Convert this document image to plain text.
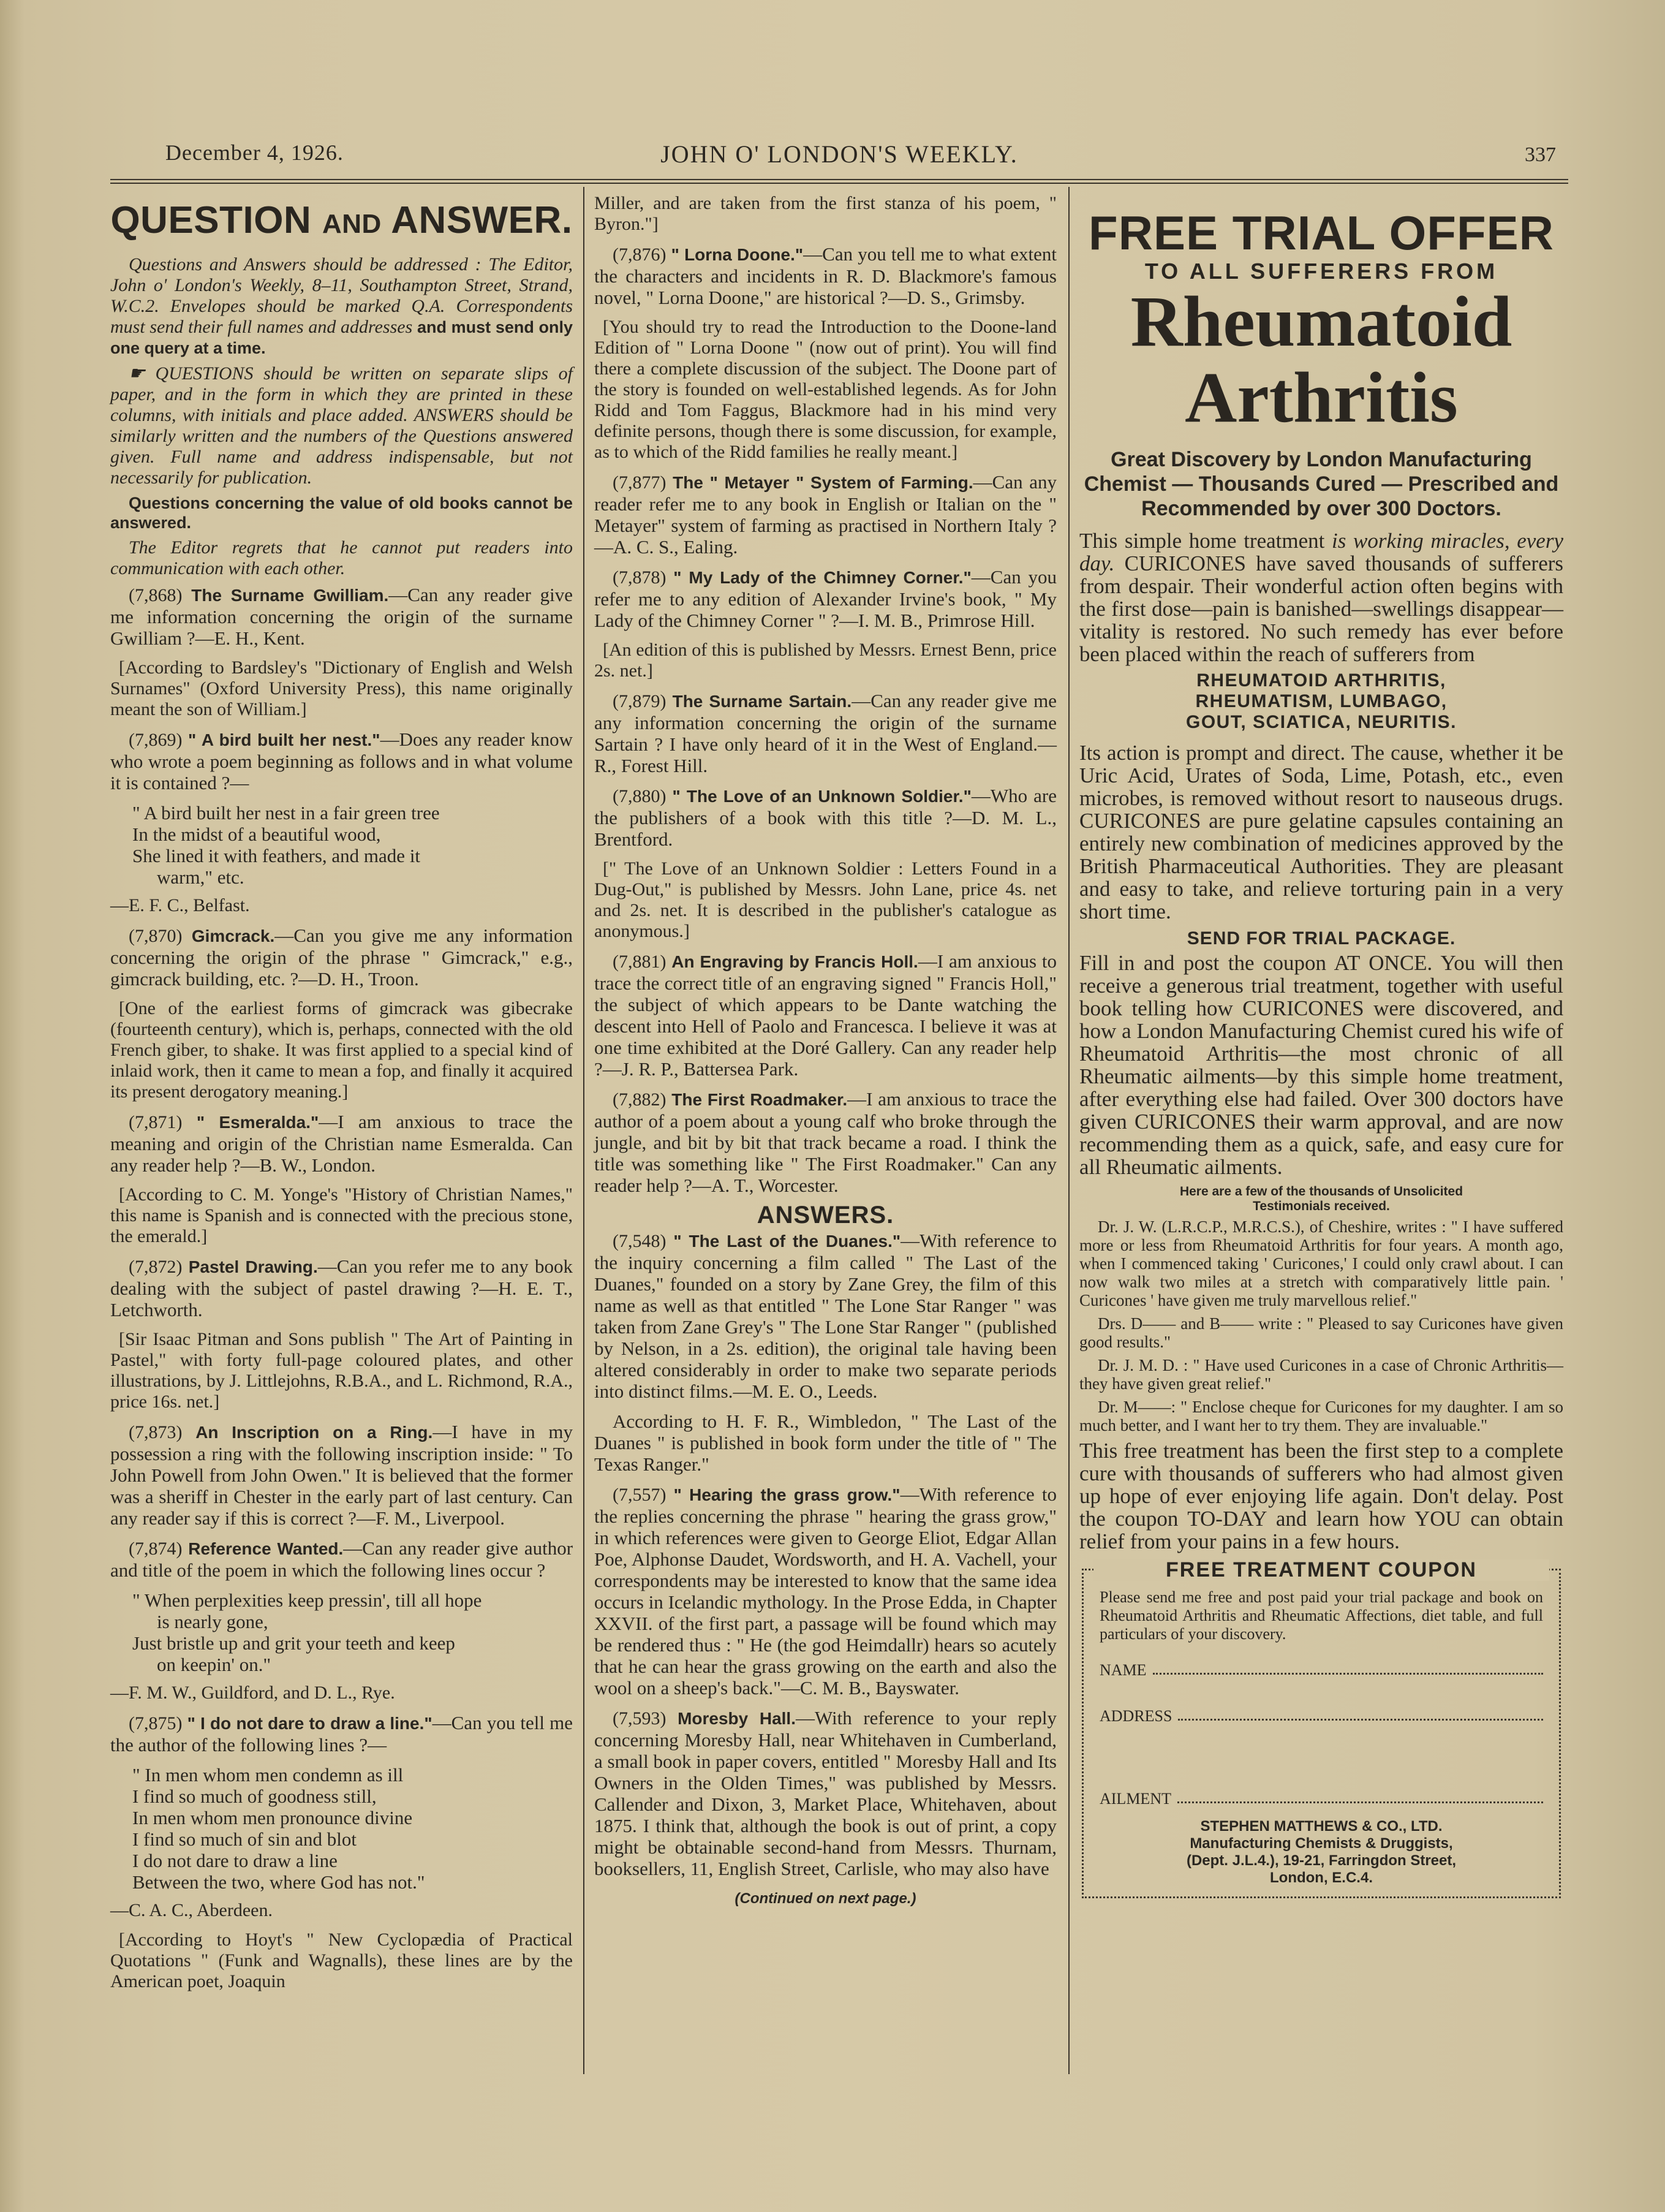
December 4, 1926.	JOHN O' LONDON'S WEEKLY.	337
QUESTION AND ANSWER.

Questions and Answers should be addressed : The Editor, John o' London's Weekly, 8–11, Southampton Street, Strand, W.C.2. Envelopes should be marked Q.A. Correspondents must send their full names and addresses and must send only one query at a time.

☛ QUESTIONS should be written on separate slips of paper, and in the form in which they are printed in these columns, with initials and place added. ANSWERS should be similarly written and the numbers of the Questions answered given. Full name and address indispensable, but not necessarily for publication.

Questions concerning the value of old books cannot be answered.

The Editor regrets that he cannot put readers into communication with each other.

(7,868) The Surname Gwilliam.—Can any reader give me information concerning the origin of the surname Gwilliam ?—E. H., Kent.

[According to Bardsley's "Dictionary of English and Welsh Surnames" (Oxford University Press), this name originally meant the son of William.]

(7,869) " A bird built her nest."—Does any reader know who wrote a poem beginning as follows and in what volume it is contained ?—

" A bird built her nest in a fair green tree
In the midst of a beautiful wood,
She lined it with feathers, and made it
warm," etc.

—E. F. C., Belfast.

(7,870) Gimcrack.—Can you give me any information concerning the origin of the phrase " Gimcrack," e.g., gimcrack building, etc. ?—D. H., Troon.

[One of the earliest forms of gimcrack was gibecrake (fourteenth century), which is, perhaps, connected with the old French giber, to shake. It was first applied to a special kind of inlaid work, then it came to mean a fop, and finally it acquired its present derogatory meaning.]

(7,871) " Esmeralda."—I am anxious to trace the meaning and origin of the Christian name Esmeralda. Can any reader help ?—B. W., London.

[According to C. M. Yonge's "History of Christian Names," this name is Spanish and is connected with the precious stone, the emerald.]

(7,872) Pastel Drawing.—Can you refer me to any book dealing with the subject of pastel drawing ?—H. E. T., Letchworth.

[Sir Isaac Pitman and Sons publish " The Art of Painting in Pastel," with forty full-page coloured plates, and other illustrations, by J. Littlejohns, R.B.A., and L. Richmond, R.A., price 16s. net.]

(7,873) An Inscription on a Ring.—I have in my possession a ring with the following inscription inside: " To John Powell from John Owen." It is believed that the former was a sheriff in Chester in the early part of last century. Can any reader say if this is correct ?—F. M., Liverpool.

(7,874) Reference Wanted.—Can any reader give author and title of the poem in which the following lines occur ?

" When perplexities keep pressin', till all hope
is nearly gone,
Just bristle up and grit your teeth and keep
on keepin' on."

—F. M. W., Guildford, and D. L., Rye.

(7,875) " I do not dare to draw a line."—Can you tell me the author of the following lines ?—

" In men whom men condemn as ill
I find so much of goodness still,
In men whom men pronounce divine
I find so much of sin and blot
I do not dare to draw a line
Between the two, where God has not."

—C. A. C., Aberdeen.

[According to Hoyt's " New Cyclopædia of Practical Quotations " (Funk and Wagnalls), these lines are by the American poet, Joaquin

Miller, and are taken from the first stanza of his poem, " Byron."]

(7,876) " Lorna Doone."—Can you tell me to what extent the characters and incidents in R. D. Blackmore's famous novel, " Lorna Doone," are historical ?—D. S., Grimsby.

[You should try to read the Introduction to the Doone-land Edition of " Lorna Doone " (now out of print). You will find there a complete discussion of the subject. The Doone part of the story is founded on well-established legends. As for John Ridd and Tom Faggus, Blackmore had in his mind very definite persons, though there is some discussion, for example, as to which of the Ridd families he really meant.]

(7,877) The " Metayer " System of Farming.—Can any reader refer me to any book in English or Italian on the " Metayer" system of farming as practised in Northern Italy ?—A. C. S., Ealing.

(7,878) " My Lady of the Chimney Corner."—Can you refer me to any edition of Alexander Irvine's book, " My Lady of the Chimney Corner " ?—I. M. B., Primrose Hill.

[An edition of this is published by Messrs. Ernest Benn, price 2s. net.]

(7,879) The Surname Sartain.—Can any reader give me any information concerning the origin of the surname Sartain ? I have only heard of it in the West of England.—R., Forest Hill.

(7,880) " The Love of an Unknown Soldier."—Who are the publishers of a book with this title ?—D. M. L., Brentford.

[" The Love of an Unknown Soldier : Letters Found in a Dug-Out," is published by Messrs. John Lane, price 4s. net and 2s. net. It is described in the publisher's catalogue as anonymous.]

(7,881) An Engraving by Francis Holl.—I am anxious to trace the correct title of an engraving signed " Francis Holl," the subject of which appears to be Dante watching the descent into Hell of Paolo and Francesca. I believe it was at one time exhibited at the Doré Gallery. Can any reader help ?—J. R. P., Battersea Park.

(7,882) The First Roadmaker.—I am anxious to trace the author of a poem about a young calf who broke through the jungle, and bit by bit that track became a road. I think the title was something like " The First Roadmaker." Can any reader help ?—A. T., Worcester.

ANSWERS.

(7,548) " The Last of the Duanes."—With reference to the inquiry concerning a film called " The Last of the Duanes," founded on a story by Zane Grey, the film of this name as well as that entitled " The Lone Star Ranger " was taken from Zane Grey's " The Lone Star Ranger " (published by Nelson, in a 2s. edition), the original tale having been altered considerably in order to make two separate periods into distinct films.—M. E. O., Leeds.

According to H. F. R., Wimbledon, " The Last of the Duanes " is published in book form under the title of " The Texas Ranger."

(7,557) " Hearing the grass grow."—With reference to the replies concerning the phrase " hearing the grass grow," in which references were given to George Eliot, Edgar Allan Poe, Alphonse Daudet, Wordsworth, and H. A. Vachell, your correspondents may be interested to know that the same idea occurs in Icelandic mythology. In the Prose Edda, in Chapter XXVII. of the first part, a passage will be found which may be rendered thus : " He (the god Heimdallr) hears so acutely that he can hear the grass growing on the earth and also the wool on a sheep's back."—C. M. B., Bayswater.

(7,593) Moresby Hall.—With reference to your reply concerning Moresby Hall, near Whitehaven in Cumberland, a small book in paper covers, entitled " Moresby Hall and Its Owners in the Olden Times," was published by Messrs. Callender and Dixon, 3, Market Place, Whitehaven, about 1875. I think that, although the book is out of print, a copy might be obtainable second-hand from Messrs. Thurnam, booksellers, 11, English Street, Carlisle, who may also have

(Continued on next page.)
FREE TRIAL OFFER
TO ALL SUFFERERS FROM
Rheumatoid
Arthritis
Great Discovery by London Manufacturing Chemist — Thousands Cured — Prescribed and Recommended by over 300 Doctors.

This simple home treatment is working miracles, every day. CURICONES have saved thousands of sufferers from despair. Their wonderful action often begins with the first dose—pain is banished—swellings disappear—vitality is restored. No such remedy has ever before been placed within the reach of sufferers from

RHEUMATOID ARTHRITIS,
RHEUMATISM, LUMBAGO,
GOUT, SCIATICA, NEURITIS.

Its action is prompt and direct. The cause, whether it be Uric Acid, Urates of Soda, Lime, Potash, etc., even microbes, is removed without resort to nauseous drugs. CURICONES are pure gelatine capsules containing an entirely new combination of medicines approved by the British Pharmaceutical Authorities. They are pleasant and easy to take, and relieve torturing pain in a very short time.

SEND FOR TRIAL PACKAGE.

Fill in and post the coupon AT ONCE. You will then receive a generous trial treatment, together with useful book telling how CURICONES were discovered, and how a London Manufacturing Chemist cured his wife of Rheumatoid Arthritis—the most chronic of all Rheumatic ailments—by this simple home treatment, after everything else had failed. Over 300 doctors have given CURICONES their warm approval, and are now recommending them as a quick, safe, and easy cure for all Rheumatic ailments.

Here are a few of the thousands of Unsolicited
Testimonials received.

Dr. J. W. (L.R.C.P., M.R.C.S.), of Cheshire, writes : " I have suffered more or less from Rheumatoid Arthritis for four years. A month ago, when I commenced taking ' Curicones,' I could only crawl about. I can now walk two miles at a stretch with comparatively little pain. ' Curicones ' have given me truly marvellous relief."

Drs. D—— and B—— write : " Pleased to say Curicones have given good results."

Dr. J. M. D. : " Have used Curicones in a case of Chronic Arthritis—they have given great relief."

Dr. M——: " Enclose cheque for Curicones for my daughter. I am so much better, and I want her to try them. They are invaluable."

This free treatment has been the first step to a complete cure with thousands of sufferers who had almost given up hope of ever enjoying life again. Don't delay. Post the coupon TO-DAY and learn how YOU can obtain relief from your pains in a few hours.

FREE TREATMENT COUPON

Please send me free and post paid your trial package and book on Rheumatoid Arthritis and Rheumatic Affections, diet table, and full particulars of your discovery.

NAME
ADDRESS
AILMENT
STEPHEN MATTHEWS & CO., LTD.
Manufacturing Chemists & Druggists,
(Dept. J.L.4.), 19-21, Farringdon Street,
London, E.C.4.
